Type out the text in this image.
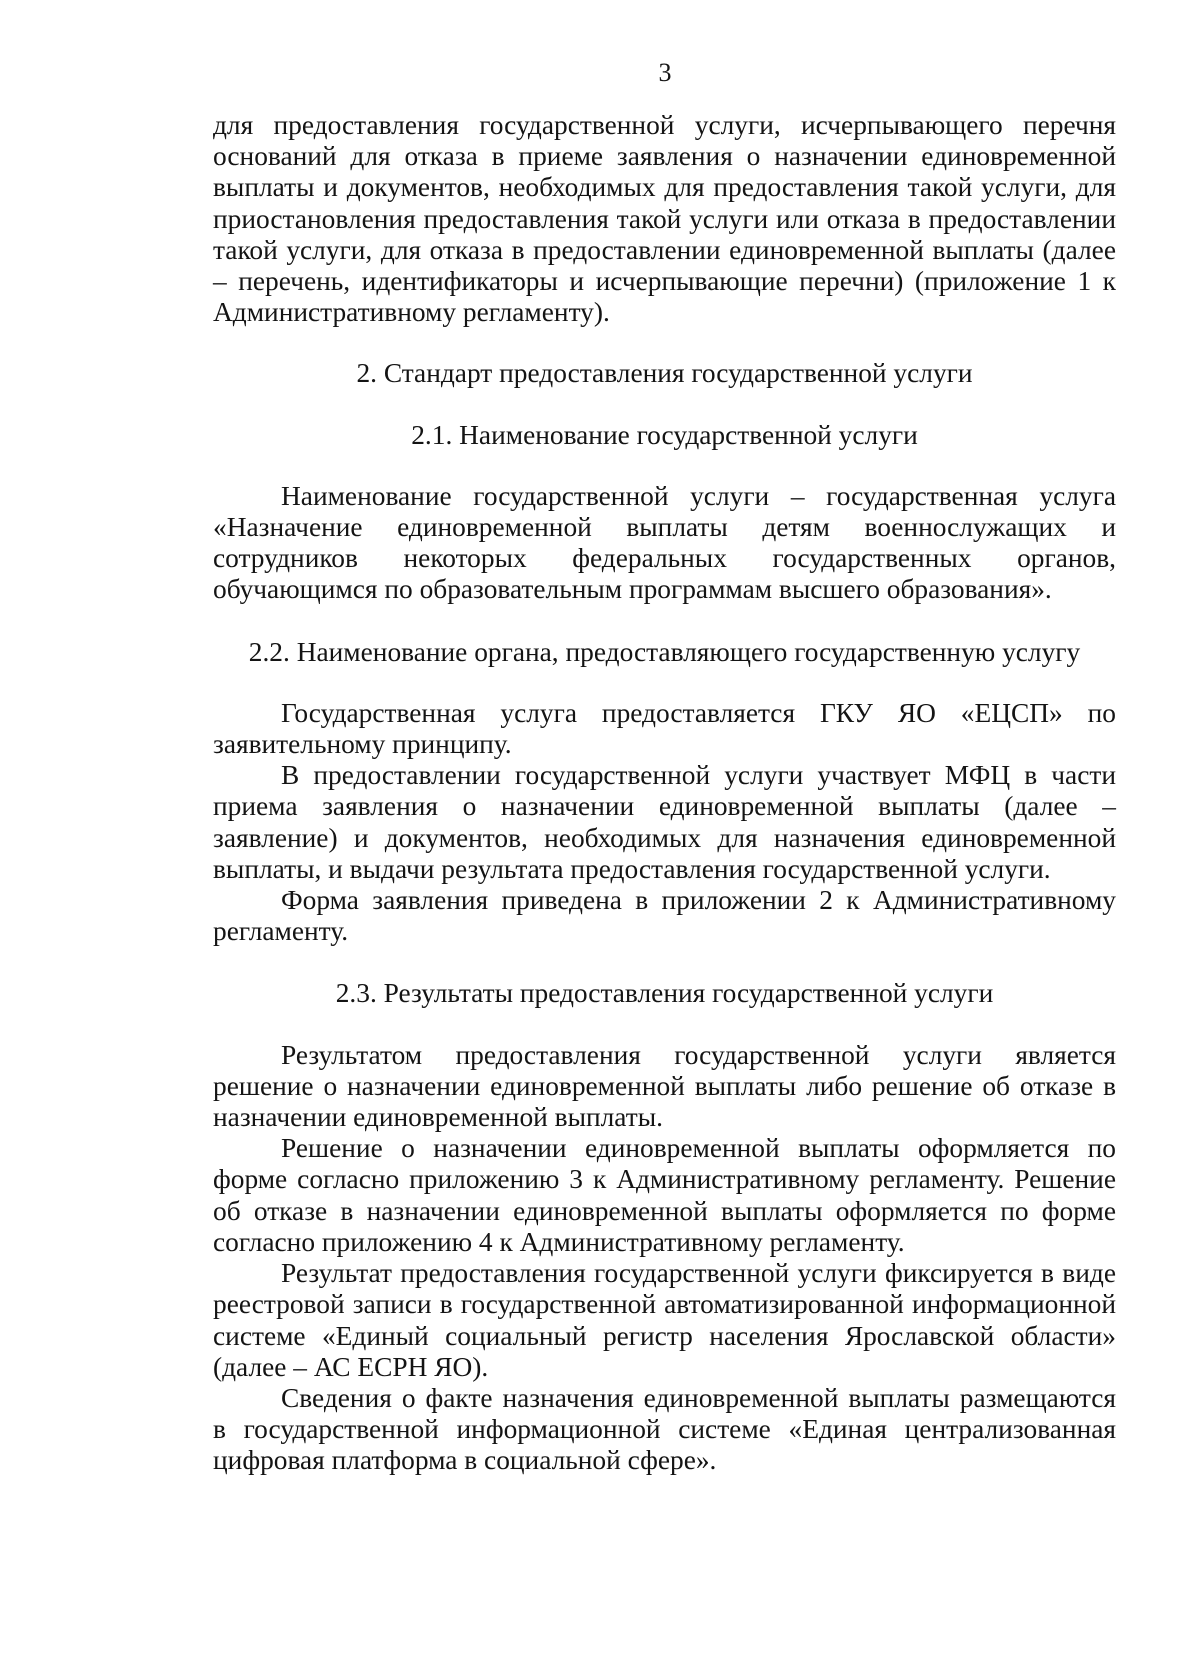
3

для предоставления государственной услуги, исчерпывающего перечня оснований для отказа в приеме заявления о назначении единовременной выплаты и документов, необходимых для предоставления такой услуги, для приостановления предоставления такой услуги или отказа в предоставлении такой услуги, для отказа в предоставлении единовременной выплаты (далее – перечень, идентификаторы и исчерпывающие перечни) (приложение 1 к Административному регламенту).

2. Стандарт предоставления государственной услуги

2.1. Наименование государственной услуги

Наименование государственной услуги – государственная услуга «Назначение единовременной выплаты детям военнослужащих и сотрудников некоторых федеральных государственных органов, обучающимся по образовательным программам высшего образования».

2.2. Наименование органа, предоставляющего государственную услугу

Государственная услуга предоставляется ГКУ ЯО «ЕЦСП» по заявительному принципу.

В предоставлении государственной услуги участвует МФЦ в части приема заявления о назначении единовременной выплаты (далее – заявление) и документов, необходимых для назначения единовременной выплаты, и выдачи результата предоставления государственной услуги.

Форма заявления приведена в приложении 2 к Административному регламенту.

2.3. Результаты предоставления государственной услуги

Результатом предоставления государственной услуги является решение о назначении единовременной выплаты либо решение об отказе в назначении единовременной выплаты.

Решение о назначении единовременной выплаты оформляется по форме согласно приложению 3 к Административному регламенту. Решение об отказе в назначении единовременной выплаты оформляется по форме согласно приложению 4 к Административному регламенту.

Результат предоставления государственной услуги фиксируется в виде реестровой записи в государственной автоматизированной информационной системе «Единый социальный регистр населения Ярославской области» (далее – АС ЕСРН ЯО).

Сведения о факте назначения единовременной выплаты размещаются в государственной информационной системе «Единая централизованная цифровая платформа в социальной сфере».
